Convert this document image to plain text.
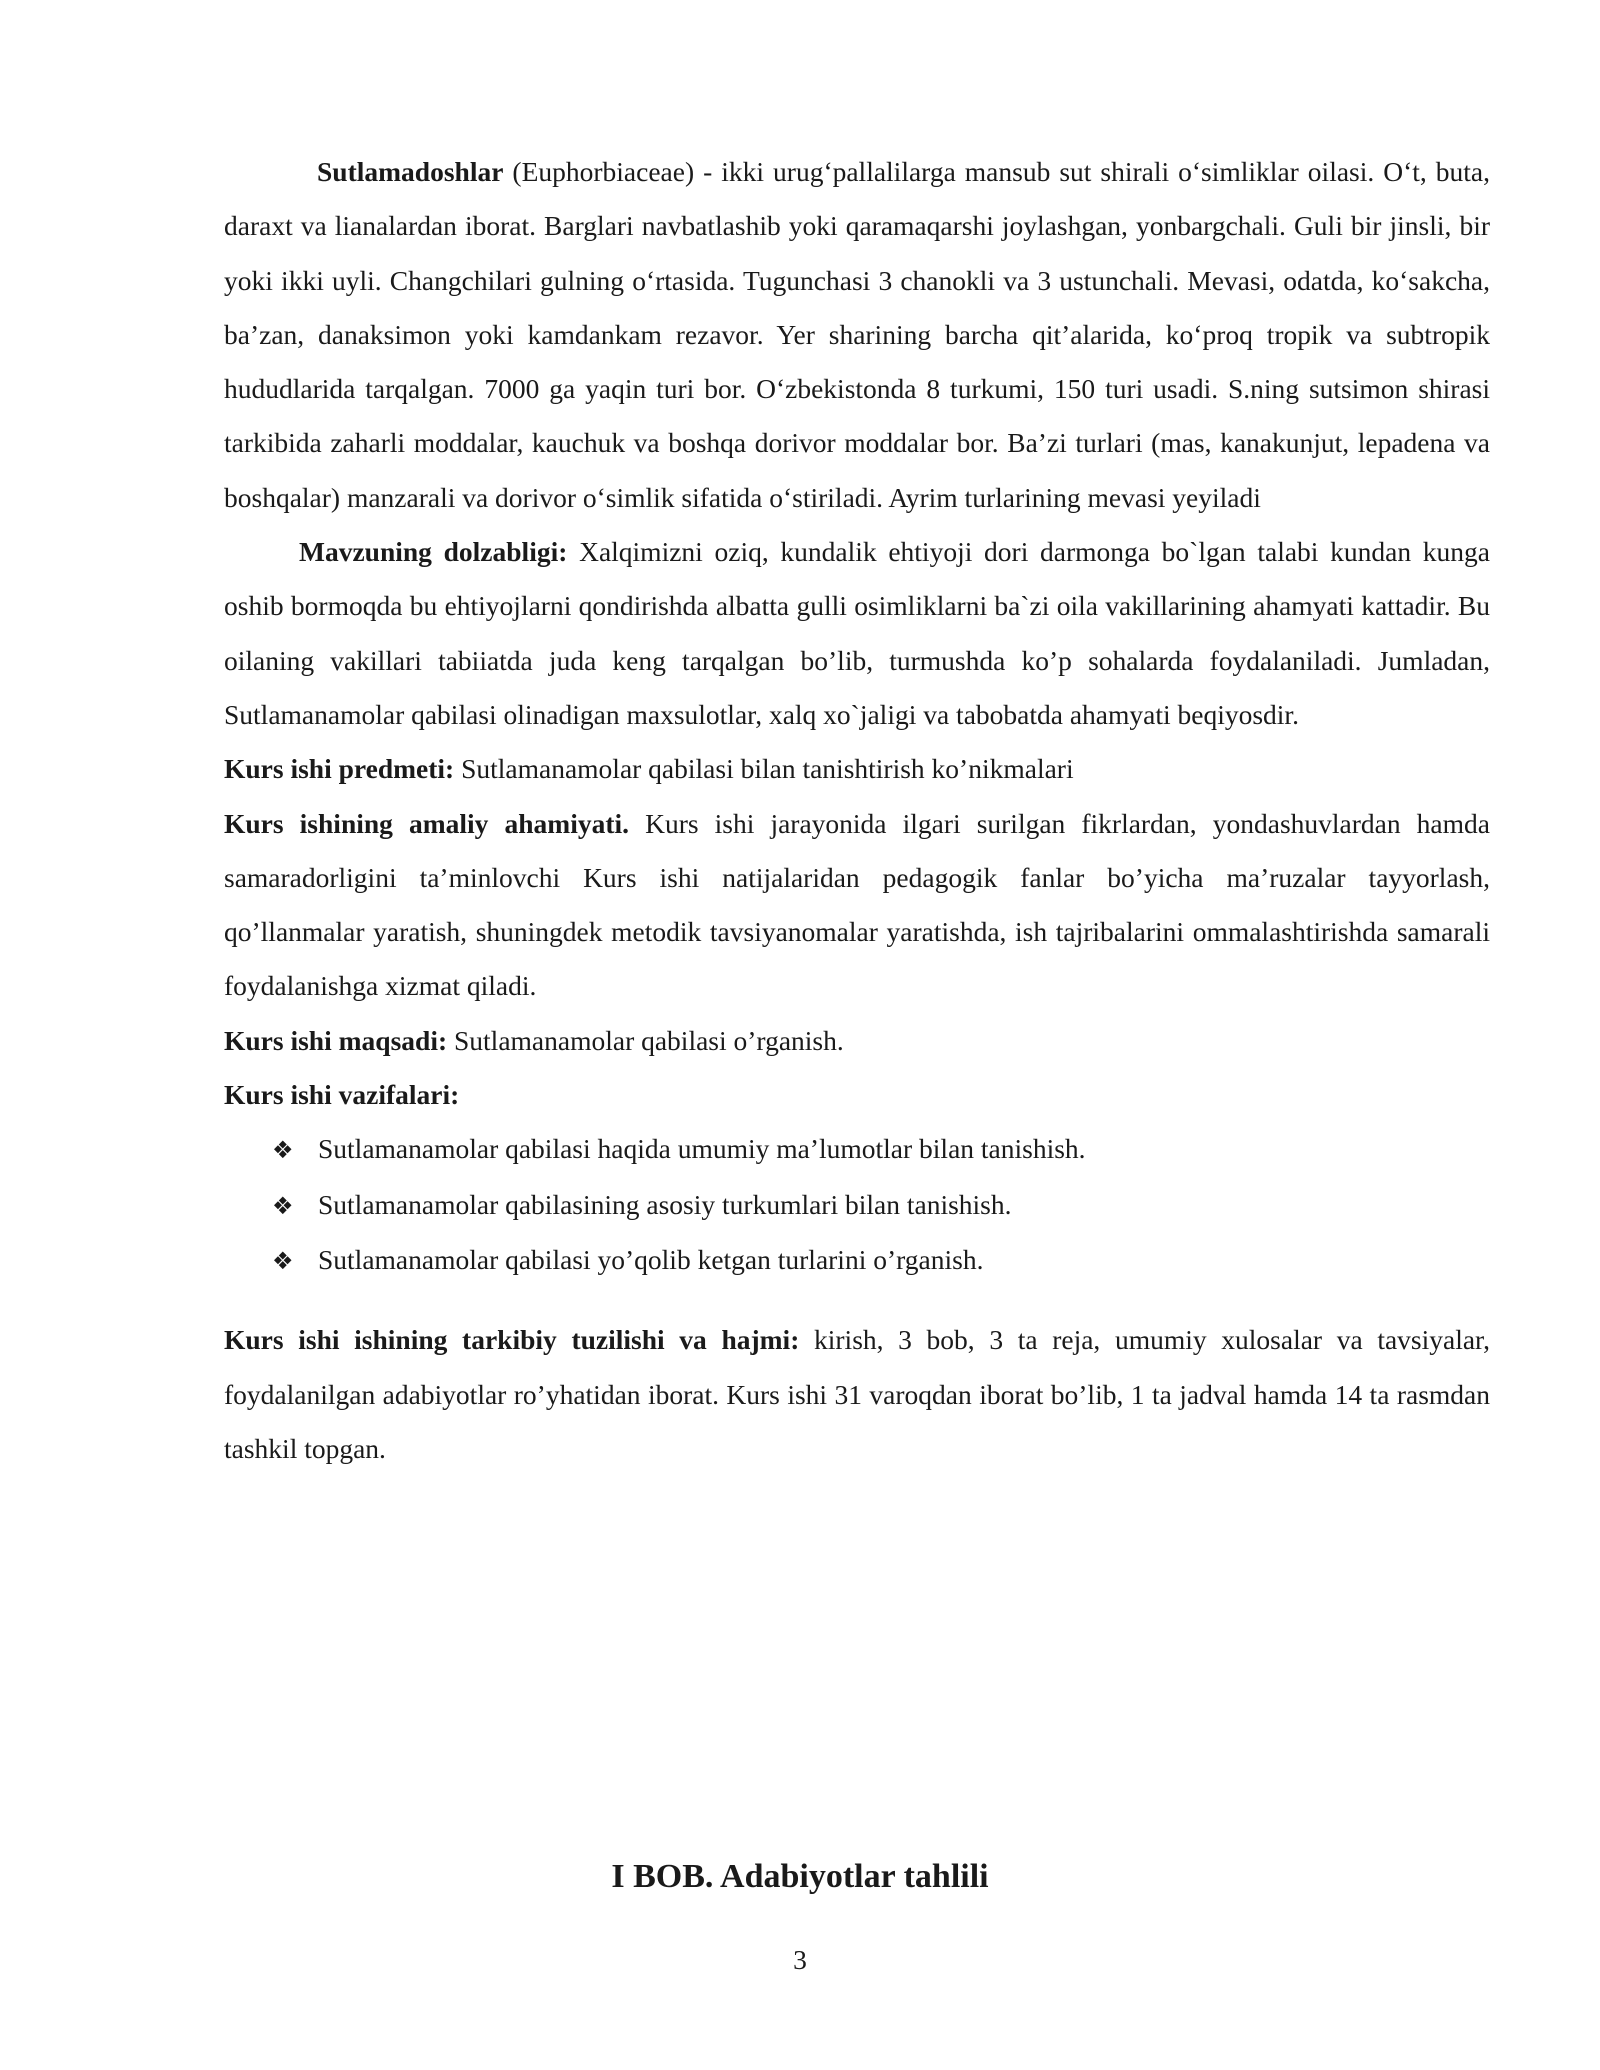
Sutlamadoshlar (Euphorbiaceae) - ikki urug‘pallalilarga mansub sut shirali o‘simliklar oilasi. O‘t, buta, daraxt va lianalardan iborat. Barglari navbatlashib yoki qaramaqarshi joylashgan, yonbargchali. Guli bir jinsli, bir yoki ikki uyli. Changchilari gulning o‘rtasida. Tugunchasi 3 chanokli va 3 ustunchali. Mevasi, odatda, ko‘sakcha, ba’zan, danaksimon yoki kamdankam rezavor. Yer sharining barcha qit’alarida, ko‘proq tropik va subtropik hududlarida tarqalgan. 7000 ga yaqin turi bor. O‘zbekistonda 8 turkumi, 150 turi usadi. S.ning sutsimon shirasi tarkibida zaharli moddalar, kauchuk va boshqa dorivor moddalar bor. Ba’zi turlari (mas, kanakunjut, lepadena va boshqalar) manzarali va dorivor o‘simlik sifatida o‘stiriladi. Ayrim turlarining mevasi yeyiladi

Mavzuning dolzabligi: Xalqimizni oziq, kundalik ehtiyoji dori darmonga bo`lgan talabi kundan kunga oshib bormoqda bu ehtiyojlarni qondirishda albatta gulli osimliklarni ba`zi oila vakillarining ahamyati kattadir. Bu oilaning vakillari tabiiatda juda keng tarqalgan bo’lib, turmushda ko’p sohalarda foydalaniladi. Jumladan, Sutlamanamolar qabilasi olinadigan maxsulotlar, xalq xo`jaligi va tabobatda ahamyati beqiyosdir.

Kurs ishi predmeti: Sutlamanamolar qabilasi bilan tanishtirish ko’nikmalari

Kurs ishining amaliy ahamiyati. Kurs ishi jarayonida ilgari surilgan fikrlardan, yondashuvlardan hamda samaradorligini ta’minlovchi Kurs ishi natijalaridan pedagogik fanlar bo’yicha ma’ruzalar tayyorlash, qo’llanmalar yaratish, shuningdek metodik tavsiyanomalar yaratishda, ish tajribalarini ommalashtirishda samarali foydalanishga xizmat qiladi.

Kurs ishi maqsadi: Sutlamanamolar qabilasi o’rganish.

Kurs ishi vazifalari:

❖ Sutlamanamolar qabilasi haqida umumiy ma’lumotlar bilan tanishish.
❖ Sutlamanamolar qabilasining asosiy turkumlari bilan tanishish.
❖ Sutlamanamolar qabilasi yo’qolib ketgan turlarini o’rganish.

Kurs ishi ishining tarkibiy tuzilishi va hajmi: kirish, 3 bob, 3 ta reja, umumiy xulosalar va tavsiyalar, foydalanilgan adabiyotlar ro’yhatidan iborat. Kurs ishi 31 varoqdan iborat bo’lib, 1 ta jadval hamda 14 ta rasmdan tashkil topgan.

I BOB. Adabiyotlar tahlili
3
